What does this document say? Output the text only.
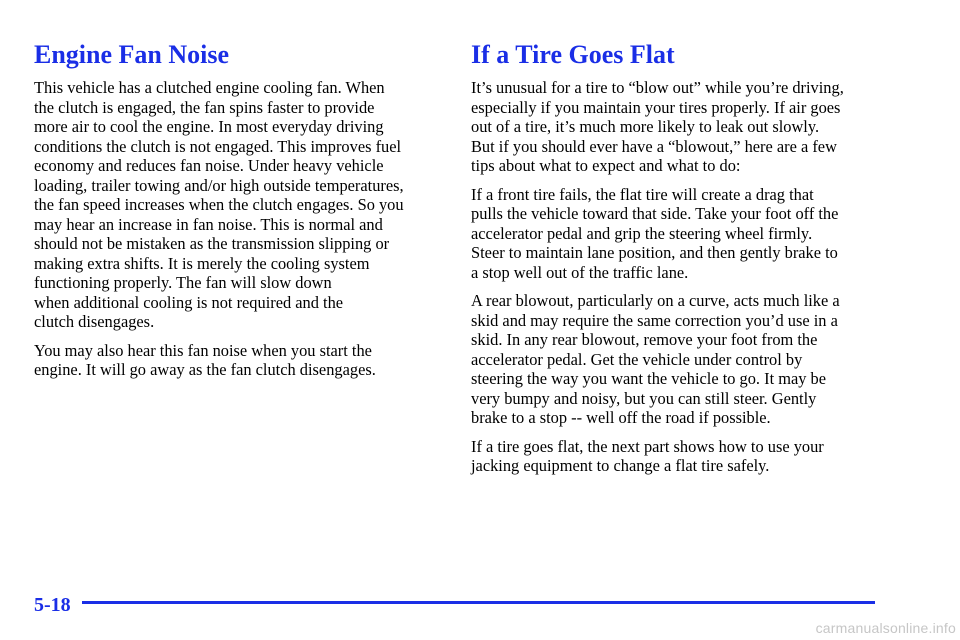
Engine Fan Noise

This vehicle has a clutched engine cooling fan. When
the clutch is engaged, the fan spins faster to provide
more air to cool the engine. In most everyday driving
conditions the clutch is not engaged. This improves fuel
economy and reduces fan noise. Under heavy vehicle
loading, trailer towing and/or high outside temperatures,
the fan speed increases when the clutch engages. So you
may hear an increase in fan noise. This is normal and
should not be mistaken as the transmission slipping or
making extra shifts. It is merely the cooling system
functioning properly. The fan will slow down
when additional cooling is not required and the
clutch disengages.

You may also hear this fan noise when you start the
engine. It will go away as the fan clutch disengages.

If a Tire Goes Flat

It’s unusual for a tire to “blow out” while you’re driving,
especially if you maintain your tires properly. If air goes
out of a tire, it’s much more likely to leak out slowly.
But if you should ever have a “blowout,” here are a few
tips about what to expect and what to do:

If a front tire fails, the flat tire will create a drag that
pulls the vehicle toward that side. Take your foot off the
accelerator pedal and grip the steering wheel firmly.
Steer to maintain lane position, and then gently brake to
a stop well out of the traffic lane.

A rear blowout, particularly on a curve, acts much like a
skid and may require the same correction you’d use in a
skid. In any rear blowout, remove your foot from the
accelerator pedal. Get the vehicle under control by
steering the way you want the vehicle to go. It may be
very bumpy and noisy, but you can still steer. Gently
brake to a stop -- well off the road if possible.

If a tire goes flat, the next part shows how to use your
jacking equipment to change a flat tire safely.

5-18
carmanualsonline.info
